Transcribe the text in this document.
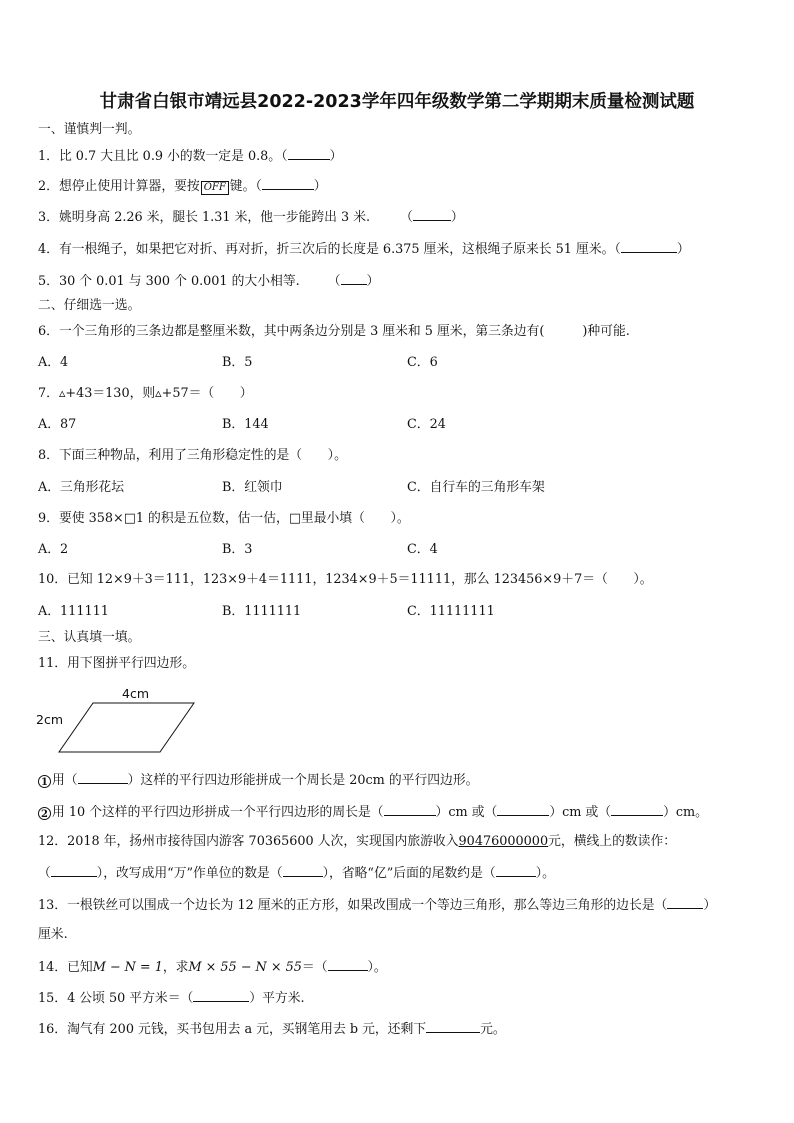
甘肃省白银市靖远县2022-2023学年四年级数学第二学期期末质量检测试题
一、谨慎判一判。
1．比 0.7 大且比 0.9 小的数一定是 0.8。（	）
2．想停止使用计算器，要按 OFF 键。（	）
3．姚明身高 2.26 米，腿长 1.31 米，他一步能跨出 3 米. （	）
4．有一根绳子，如果把它对折、再对折，折三次后的长度是 6.375 厘米，这根绳子原来长 51 厘米。（	）
5．30 个 0.01 与 300 个 0.001 的大小相等. （ ）
二、仔细选一选。
6．一个三角形的三条边都是整厘米数，其中两条边分别是 3 厘米和 5 厘米，第三条边有(	)种可能.
A．4	B．5	C．6
7．▵+43＝130，则▵+57＝（　　）
A．87	B．144	C．24
8．下面三种物品，利用了三角形稳定性的是（　　）。
A．三角形花坛	B．红领巾	C．自行车的三角形车架
9．要使 358×□1 的积是五位数，估一估，□里最小填（　　）。
A．2	B．3	C．4
10．已知 12×9＋3＝111，123×9＋4＝1111，1234×9＋5＝11111，那么 123456×9＋7＝（　　）。
A．111111	B．1111111	C．11111111
三、认真填一填。
11．用下图拼平行四边形。
4cm
2cm
1 用（	）这样的平行四边形能拼成一个周长是 20cm 的平行四边形。
2 用 10 个这样的平行四边形拼成一个平行四边形的周长是（	）cm 或（	）cm 或（	）cm。
12．2018 年，扬州市接待国内游客 70365600 人次，实现国内旅游收入90476000000元，横线上的数读作：
（	），改写成用“万”作单位的数是（	），省略“亿”后面的尾数约是（	）。
13．一根铁丝可以围成一个边长为 12 厘米的正方形，如果改围成一个等边三角形，那么等边三角形的边长是（	）
厘米.
14．已知M − N = 1，求M × 55 − N × 55＝（	）。
15．4 公顷 50 平方米＝（	）平方米.
16．淘气有 200 元钱，买书包用去 a 元，买钢笔用去 b 元，还剩下	元。
